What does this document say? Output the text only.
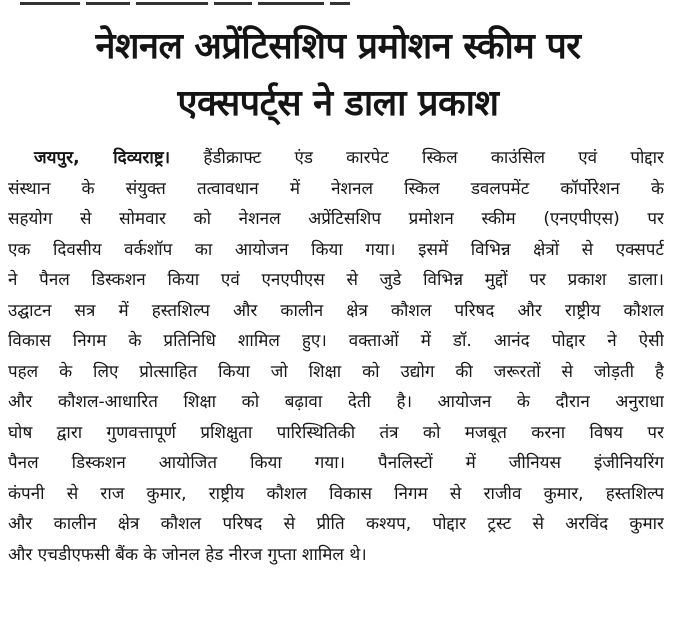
नेशनल अप्रेंटिसशिप प्रमोशन स्कीम पर
एक्सपर्ट्स ने डाला प्रकाश
जयपुर, दिव्यराष्ट्र। हैंडीक्राफ्ट एंड कारपेट स्किल काउंसिल एवं पोद्दार
संस्थान के संयुक्त तत्वावधान में नेशनल स्किल डवलपमेंट कॉर्पोरेशन के
सहयोग से सोमवार को नेशनल अप्रेंटिसशिप प्रमोशन स्कीम (एनएपीएस) पर
एक दिवसीय वर्कशॉप का आयोजन किया गया। इसमें विभिन्न क्षेत्रों से एक्सपर्ट
ने पैनल डिस्कशन किया एवं एनएपीएस से जुडे विभिन्न मुद्दों पर प्रकाश डाला।
उद्घाटन सत्र में हस्तशिल्प और कालीन क्षेत्र कौशल परिषद और राष्ट्रीय कौशल
विकास निगम के प्रतिनिधि शामिल हुए। वक्ताओं में डॉ. आनंद पोद्दार ने ऐसी
पहल के लिए प्रोत्साहित किया जो शिक्षा को उद्योग की जरूरतों से जोड़ती है
और कौशल-आधारित शिक्षा को बढ़ावा देती है। आयोजन के दौरान अनुराधा
घोष द्वारा गुणवत्तापूर्ण प्रशिक्षुता पारिस्थितिकी तंत्र को मजबूत करना विषय पर
पैनल डिस्कशन आयोजित किया गया। पैनलिस्टों में जीनियस इंजीनियरिंग
कंपनी से राज कुमार, राष्ट्रीय कौशल विकास निगम से राजीव कुमार, हस्तशिल्प
और कालीन क्षेत्र कौशल परिषद से प्रीति कश्यप, पोद्दार ट्रस्ट से अरविंद कुमार
और एचडीएफसी बैंक के जोनल हेड नीरज गुप्ता शामिल थे।
